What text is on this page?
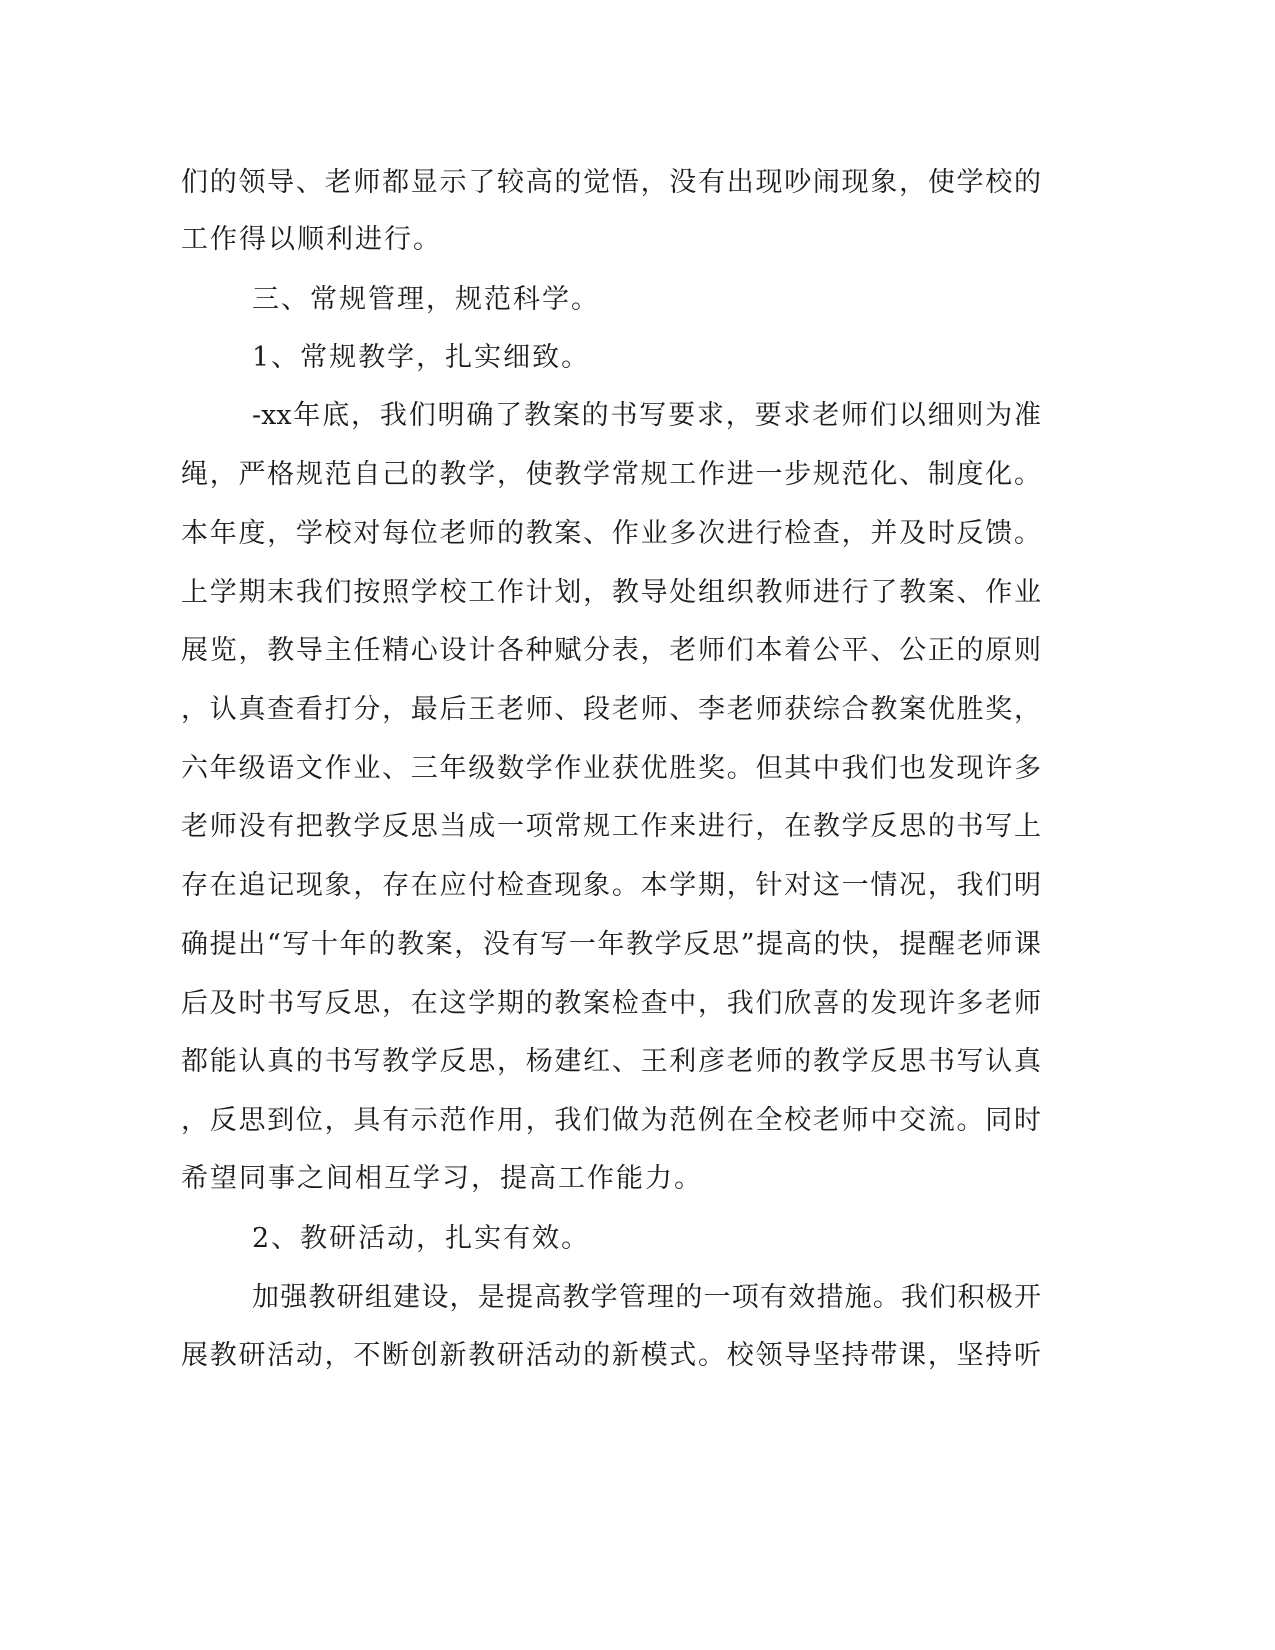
们的领导、老师都显示了较高的觉悟，没有出现吵闹现象，使学校的
工作得以顺利进行。
三、常规管理，规范科学。
1、常规教学，扎实细致。
-xx年底，我们明确了教案的书写要求，要求老师们以细则为准
绳，严格规范自己的教学，使教学常规工作进一步规范化、制度化。
本年度，学校对每位老师的教案、作业多次进行检查，并及时反馈。
上学期末我们按照学校工作计划，教导处组织教师进行了教案、作业
展览，教导主任精心设计各种赋分表，老师们本着公平、公正的原则
，认真查看打分，最后王老师、段老师、李老师获综合教案优胜奖，
六年级语文作业、三年级数学作业获优胜奖。但其中我们也发现许多
老师没有把教学反思当成一项常规工作来进行，在教学反思的书写上
存在追记现象，存在应付检查现象。本学期，针对这一情况，我们明
确提出“写十年的教案，没有写一年教学反思”提高的快，提醒老师课
后及时书写反思，在这学期的教案检查中，我们欣喜的发现许多老师
都能认真的书写教学反思，杨建红、王利彦老师的教学反思书写认真
，反思到位，具有示范作用，我们做为范例在全校老师中交流。同时
希望同事之间相互学习，提高工作能力。
2、教研活动，扎实有效。
加强教研组建设，是提高教学管理的一项有效措施。我们积极开
展教研活动，不断创新教研活动的新模式。校领导坚持带课，坚持听
